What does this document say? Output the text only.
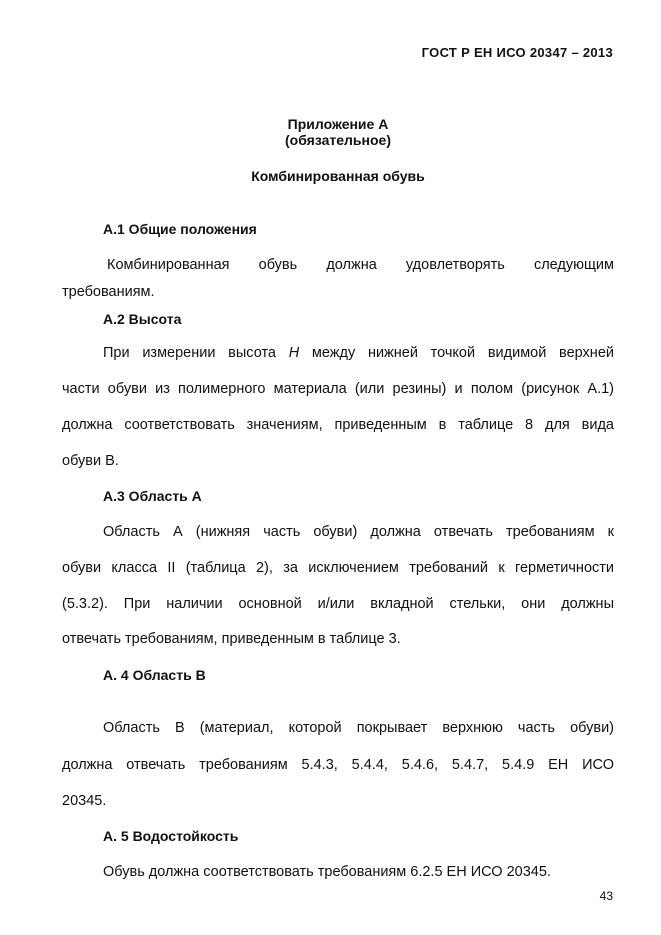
ГОСТ Р ЕН ИСО 20347 – 2013
Приложение А
(обязательное)
Комбинированная обувь
А.1 Общие положения
Комбинированная обувь должна удовлетворять следующим
требованиям.
А.2 Высота
При измерении высота Н между нижней точкой видимой верхней
части обуви из полимерного материала (или резины) и полом (рисунок А.1)
должна соответствовать значениям, приведенным в таблице 8 для вида
обуви В.
А.3 Область А
Область А (нижняя часть обуви) должна отвечать требованиям к
обуви класса II (таблица 2), за исключением требований к герметичности
(5.3.2). При наличии основной и/или вкладной стельки, они должны
отвечать требованиям, приведенным в таблице 3.
А. 4 Область В
Область В (материал, которой покрывает верхнюю часть обуви)
должна отвечать требованиям 5.4.3, 5.4.4, 5.4.6, 5.4.7, 5.4.9 ЕН ИСО
20345.
А. 5 Водостойкость
Обувь должна соответствовать требованиям 6.2.5 ЕН ИСО 20345.
43
